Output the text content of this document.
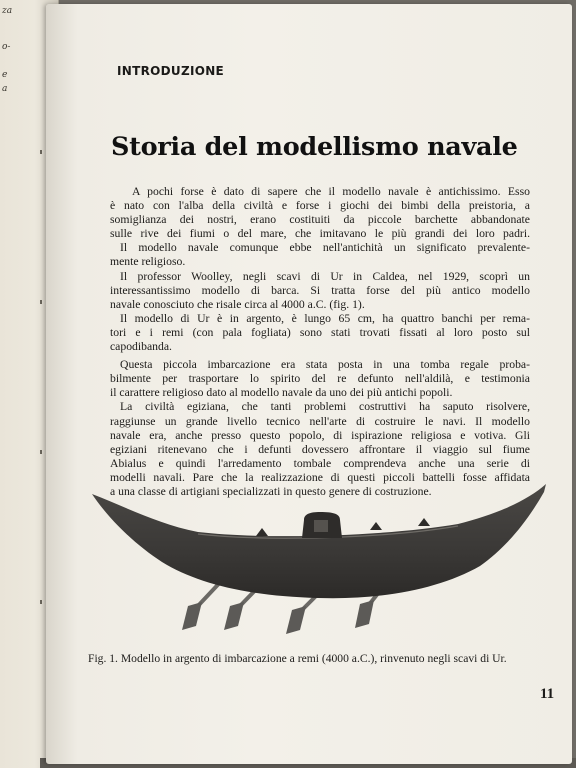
za
o-
e
a
INTRODUZIONE
Storia del modellismo navale
A pochi forse è dato di sapere che il modello navale è antichissimo. Esso
è nato con l'alba della civiltà e forse i giochi dei bimbi della preistoria, a
somiglianza dei nostri, erano costituiti da piccole barchette abbandonate
sulle rive dei fiumi o del mare, che imitavano le più grandi dei loro padri.
Il modello navale comunque ebbe nell'antichità un significato prevalente-
mente religioso.
Il professor Woolley, negli scavi di Ur in Caldea, nel 1929, scoprì un
interessantissimo modello di barca. Si tratta forse del più antico modello
navale conosciuto che risale circa al 4000 a.C. (fig. 1).
Il modello di Ur è in argento, è lungo 65 cm, ha quattro banchi per rema-
tori e i remi (con pala fogliata) sono stati trovati fissati al loro posto sul
capodibanda.
Questa piccola imbarcazione era stata posta in una tomba regale proba-
bilmente per trasportare lo spirito del re defunto nell'aldilà, e testimonia
il carattere religioso dato al modello navale da uno dei più antichi popoli.
La civiltà egiziana, che tanti problemi costruttivi ha saputo risolvere,
raggiunse un grande livello tecnico nell'arte di costruire le navi. Il modello
navale era, anche presso questo popolo, di ispirazione religiosa e votiva. Gli
egiziani ritenevano che i defunti dovessero affrontare il viaggio sul fiume
Abialus e quindi l'arredamento tombale comprendeva anche una serie di
modelli navali. Pare che la realizzazione di questi piccoli battelli fosse affidata
a una classe di artigiani specializzati in questo genere di costruzione.
Fig. 1. Modello in argento di imbarcazione a remi (4000 a.C.), rinvenuto negli scavi di Ur.
11
